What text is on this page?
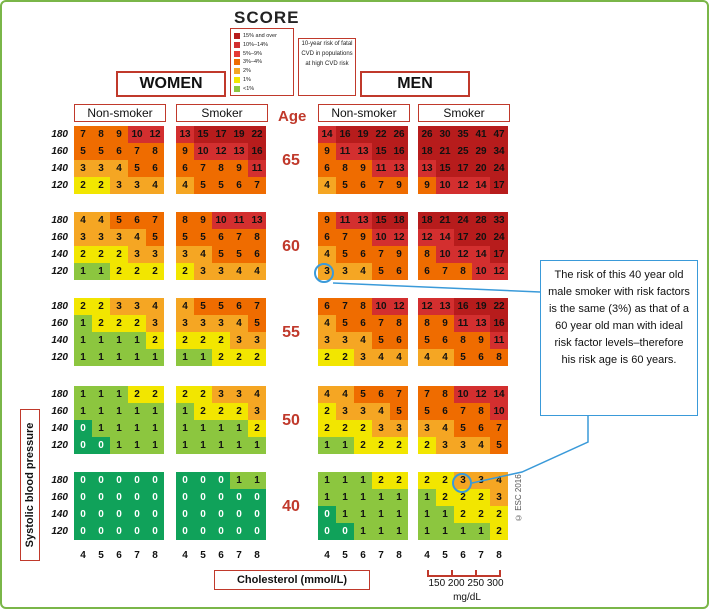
SCORE
15% and over
10%–14%
5%–9%
3%–4%
2%
1%
<1%
10-year risk of fatal CVD in populations at high CVD risk
WOMEN	MEN
Non-smoker	Smoker	Non-smoker	Smoker
Age
180
160
140
120
65
180
160
140
120
60
180
160
140
120
55
180
160
140
120
50
180
160
140
120
40
7	8	9 10 12
5	5	6	7	8
3	3	4	5	6
2	2	3	3	4
4	4	5	6	7
3	3	3	4	5
2	2	2	3	3
1	1	2	2	2
2	2	3	3	4
1	2	2	2	3
1	1	1	1	2
1	1	1	1	1
1	1	1	2	2
1	1	1	1	1
0	1	1	1	1
0	0	1	1	1
0	0	0	0	0
0	0	0	0	0
0	0	0	0	0
0	0	0	0	0
4	5	6	7	8
13 15 17 19 22
9 10 12 13 16
6	7	8	9 11
4	5	5	6	7
8	9 10 11 13
5	5	6	7	8
3	4	5	5	6
2	3	3	4	4
4	5	5	6	7
3	3	3	4	5
2	2	2	3	3
1	1	2	2	2
2	2	3	3	4
1	2	2	2	3
1	1	1	1	2
1	1	1	1	1
0	0	0	1	1
0	0	0	0	0
0	0	0	0	0
0	0	0	0	0
4	5	6	7	8
14 16 19 22 26
9 11 13 15 16
6	8	9 11 13
4	5	6	7	9
9 11 13 15 18
6	7	9 10 12
4	5	6	7	9
3	3	4	5	6
6	7	8 10 12
4	5	6	7	8
3	3	4	5	6
2	2	3	4	4
4	4	5	6	7
2	3	3	4	5
2	2	2	3	3
1	1	2	2	2
1	1	1	2	2
1	1	1	1	1
0	1	1	1	1
0	0	1	1	1
4	5	6	7	8
26 30 35 41 47
18 21 25 29 34
13 15 17 20 24
9 10 12 14 17
18 21 24 28 33
12 14 17 20 24
8 10 12 14 17
6	7	8 10 12
12 13 16 19 22
8	9 11 13 16
5	6	8	9 11
4	4	5	6	8
7	8 10 12 14
5	6	7	8 10
3	4	5	6	7
2	3	3	4	5
2	2	3	3	4
1	2	2	2	3
1	1	2	2	2
1	1	1	1	2
4	5	6	7	8
Systolic blood pressure
Cholesterol (mmol/L)	150 200 250 300
mg/dL
The risk of this 40 year old male smoker with risk factors is the same (3%) as that of a 60 year old man with ideal risk factor levels–therefore his risk age is 60 years.
© ESC 2016
